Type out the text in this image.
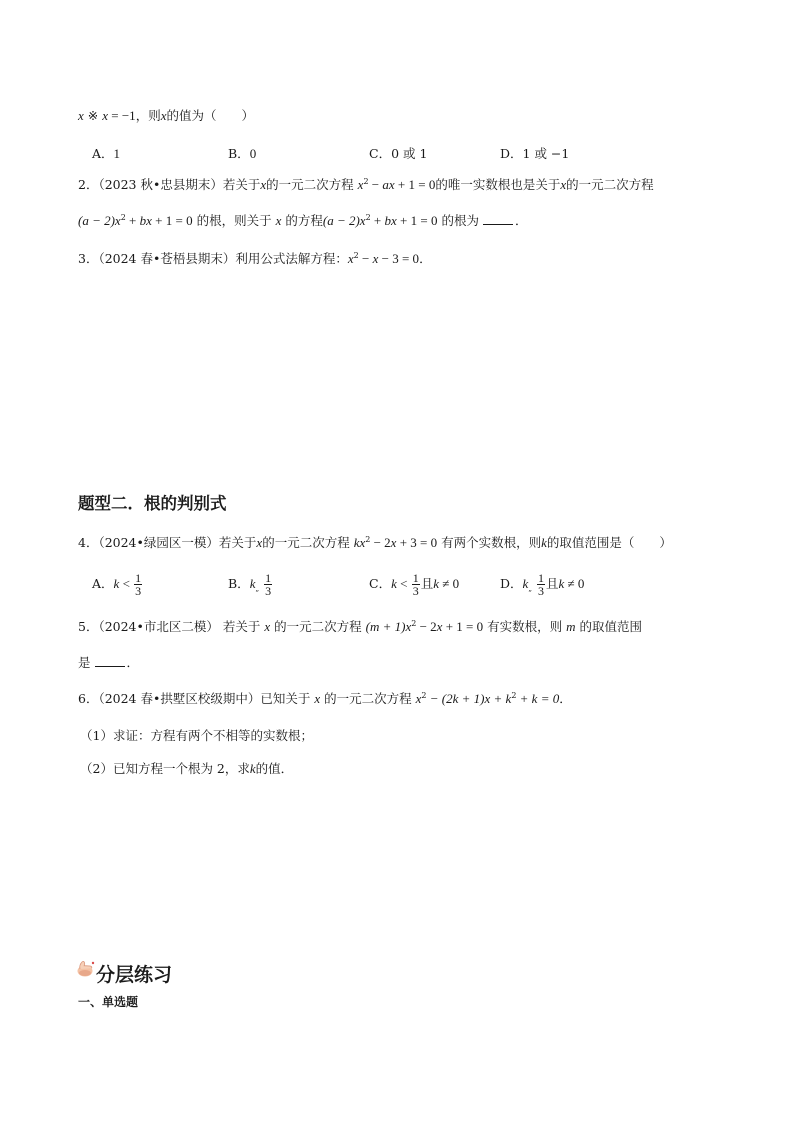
x ※ x = −1，则x的值为（　　）
A．1	B．0	C．0 或 1	D．1 或 −1
2．（2023 秋•忠县期末）若关于x的一元二次方程 $x^2$ − ax + 1 = 0的唯一实数根也是关于x的一元二次方程
$(a - 2)x^2$ + bx + 1 = 0 的根，则关于 x 的方程$(a - 2)x^2$ + bx + 1 = 0 的根为	．
3．（2024 春•苍梧县期末）利用公式法解方程：$x^2 - x - 3 = 0$．
题型二．根的判别式
4．（2024•绿园区一模）若关于x的一元二次方程 $kx^2 - 2x + 3 = 0$ 有两个实数根，则k的取值范围是（　　）
A．$k < \frac{1}{3}$	B．$k_„ \frac{1}{3}$	C．$k < \frac{1}{3}$ 且k ≠ 0	D．$k_„ \frac{1}{3}$ 且k ≠ 0
5．（2024•市北区二模） 若关于 x 的一元二次方程 $(m + 1)x^2 - 2x + 1 = 0$ 有实数根，则 m 的取值范围
是	．
6．（2024 春•拱墅区校级期中）已知关于 x 的一元二次方程 $x^2 - (2k + 1)x + k^2 + k = 0$．
（1）求证：方程有两个不相等的实数根；
（2）已知方程一个根为 2，求k的值．
分层练习
一、单选题
